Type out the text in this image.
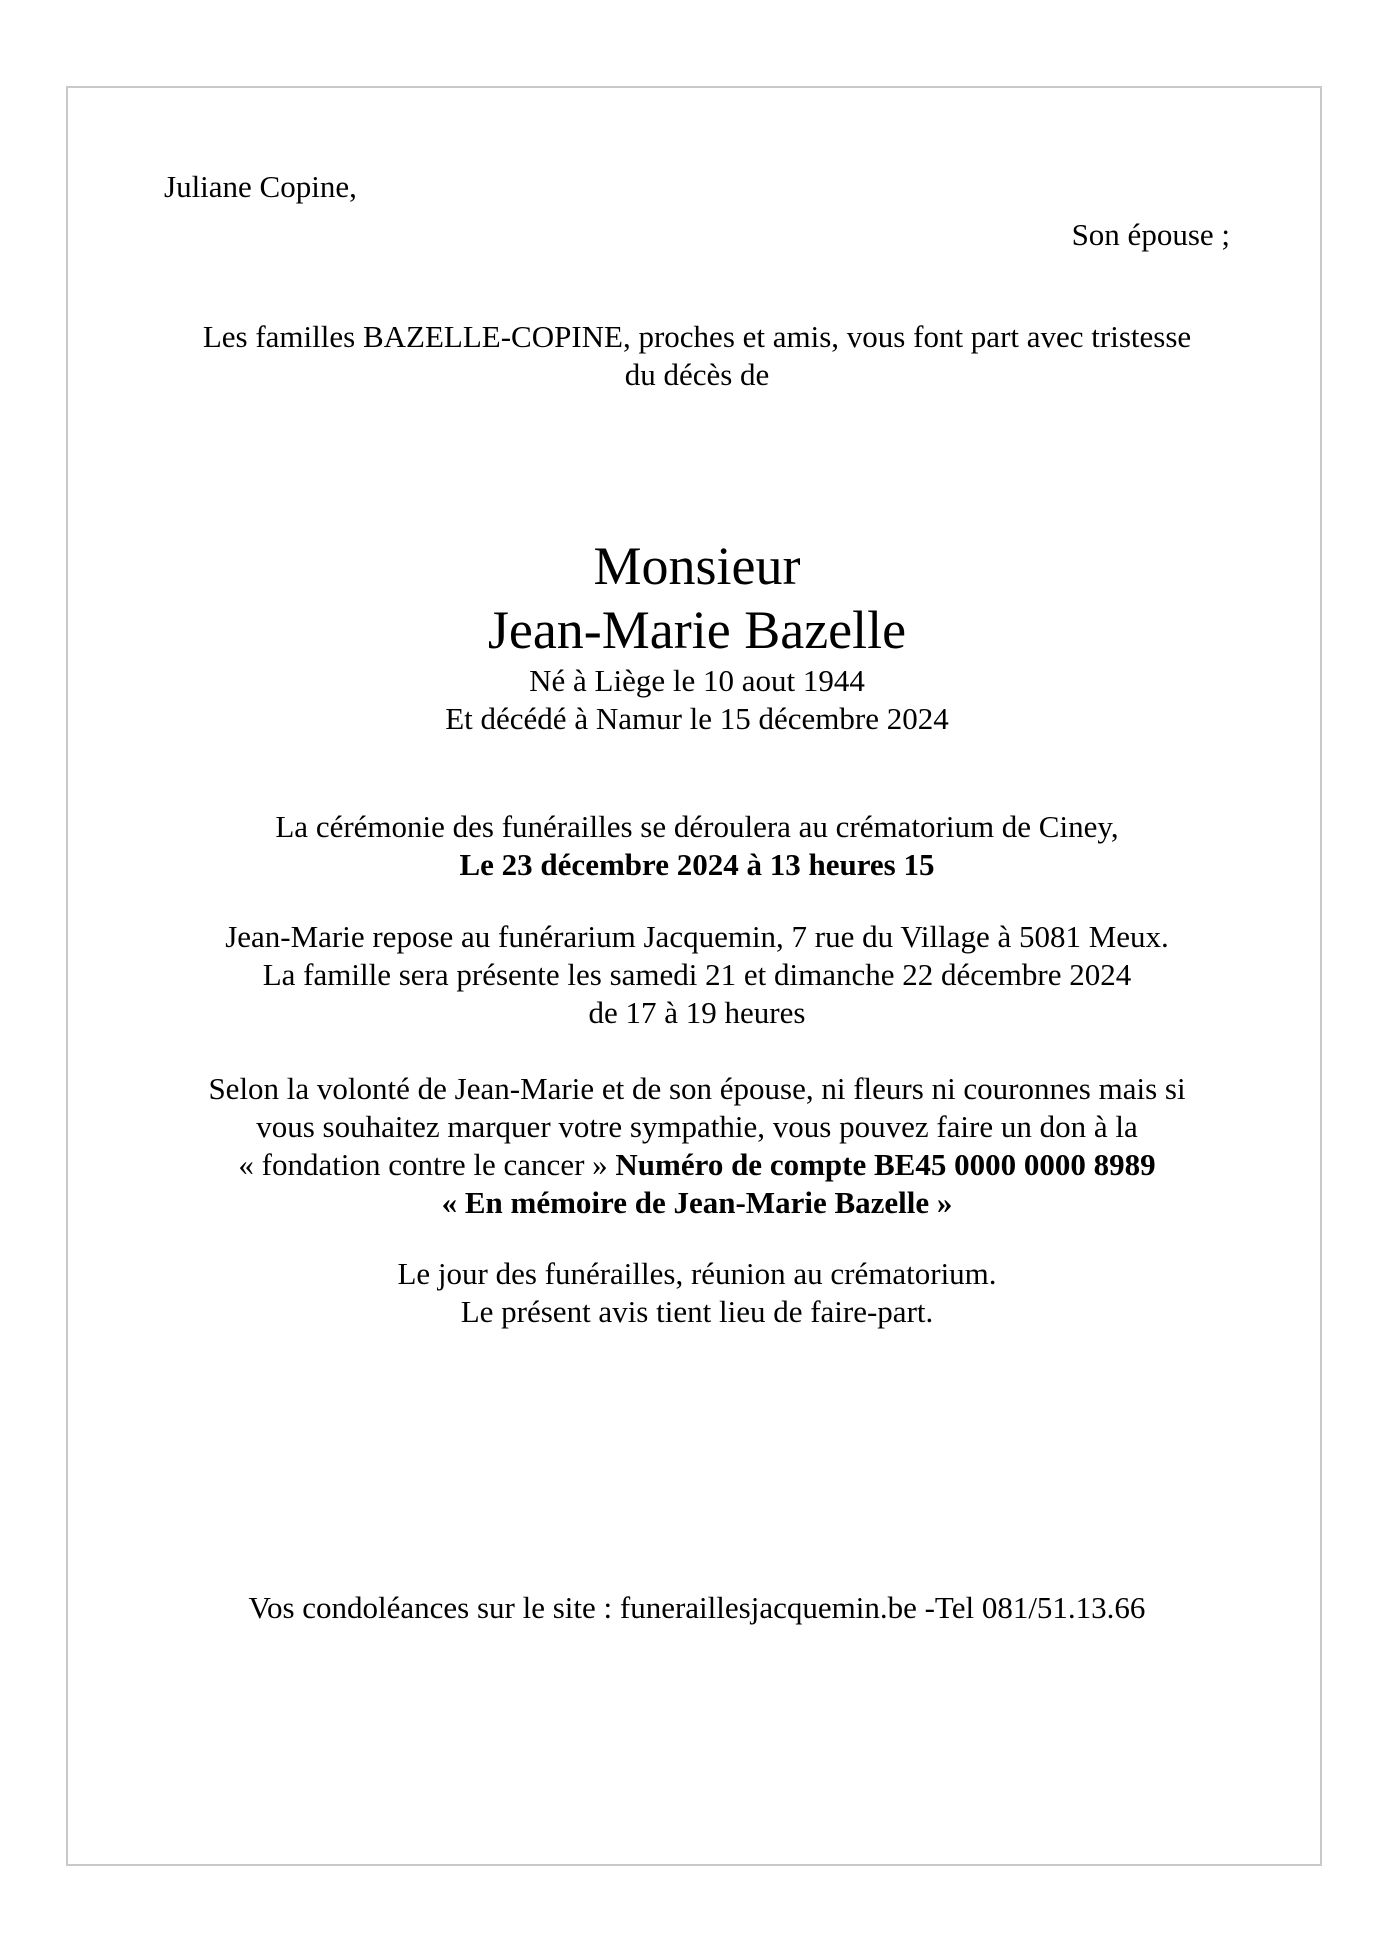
Juliane Copine,

Son épouse ;

Les familles BAZELLE-COPINE, proches et amis, vous font part avec tristesse

du décès de

Monsieur

Jean-Marie Bazelle

Né à Liège le 10 aout 1944

Et décédé à Namur le 15 décembre 2024

La cérémonie des funérailles se déroulera au crématorium de Ciney,

Le 23 décembre 2024 à 13 heures 15

Jean-Marie repose au funérarium Jacquemin, 7 rue du Village à 5081 Meux.

La famille sera présente les samedi 21 et dimanche 22 décembre 2024

de 17 à 19 heures

Selon la volonté de Jean-Marie et de son épouse, ni fleurs ni couronnes mais si

vous souhaitez marquer votre sympathie, vous pouvez faire un don à la

« fondation contre le cancer » Numéro de compte BE45 0000 0000 8989

« En mémoire de Jean-Marie Bazelle »

Le jour des funérailles, réunion au crématorium.

Le présent avis tient lieu de faire-part.

Vos condoléances sur le site : funeraillesjacquemin.be -Tel 081/51.13.66
